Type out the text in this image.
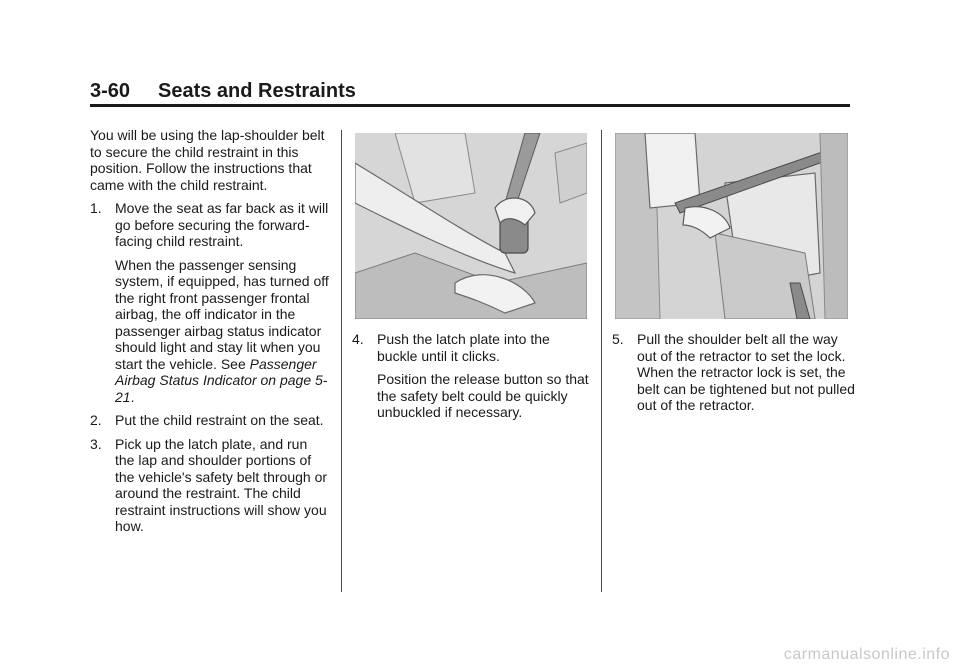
3-60 Seats and Restraints

You will be using the lap-shoulder belt to secure the child restraint in this position. Follow the instructions that came with the child restraint.

1. Move the seat as far back as it will go before securing the forward-facing child restraint.

When the passenger sensing system, if equipped, has turned off the right front passenger frontal airbag, the off indicator in the passenger airbag status indicator should light and stay lit when you start the vehicle. See Passenger Airbag Status Indicator on page 5-21.

2. Put the child restraint on the seat.

3. Pick up the latch plate, and run the lap and shoulder portions of the vehicle's safety belt through or around the restraint. The child restraint instructions will show you how.

4. Push the latch plate into the buckle until it clicks.

Position the release button so that the safety belt could be quickly unbuckled if necessary.

5. Pull the shoulder belt all the way out of the retractor to set the lock. When the retractor lock is set, the belt can be tightened but not pulled out of the retractor.

carmanualsonline.info
